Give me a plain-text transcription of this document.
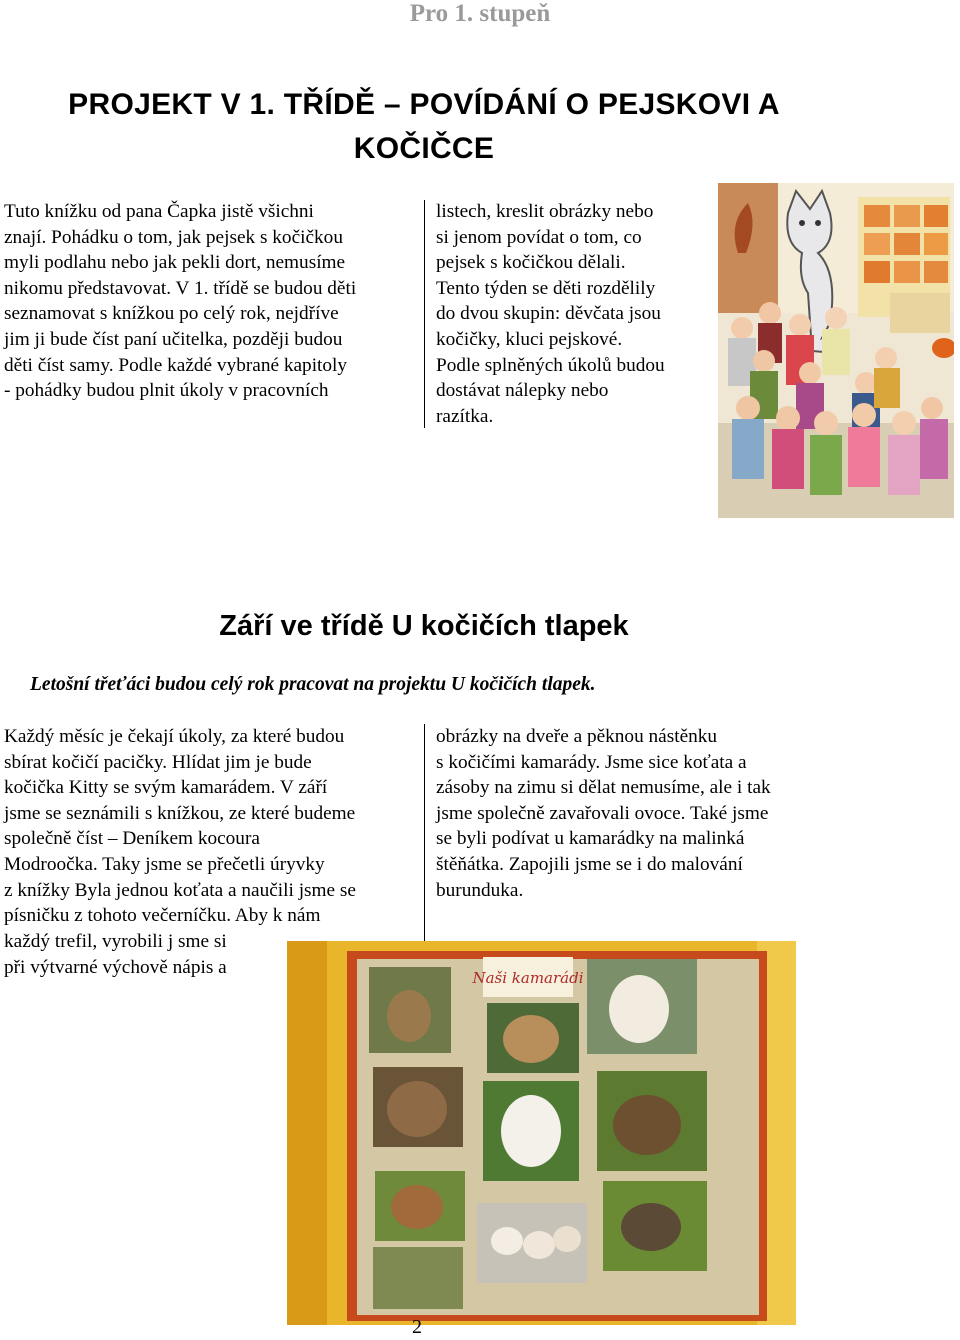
Pro 1. stupeň
PROJEKT V 1. TŘÍDĚ – POVÍDÁNÍ O PEJSKOVI A
KOČIČCE
Tuto knížku od pana Čapka jistě všichni
znají. Pohádku o tom, jak pejsek s kočičkou
myli podlahu nebo jak pekli dort, nemusíme
nikomu představovat. V 1. třídě se budou děti
seznamovat s knížkou po celý rok, nejdříve
jim ji bude číst paní učitelka, později budou
děti číst samy. Podle každé vybrané kapitoly
- pohádky budou plnit úkoly v pracovních
listech, kreslit obrázky nebo
si jenom povídat o tom, co
pejsek s kočičkou dělali.
Tento týden se děti rozdělily
do dvou skupin: děvčata jsou
kočičky, kluci pejskové.
Podle splněných úkolů budou
dostávat nálepky nebo
razítka.
Září ve třídě U kočičích tlapek
Letošní třeťáci budou celý rok pracovat na projektu U kočičích tlapek.
Každý měsíc je čekají úkoly, za které budou
sbírat kočičí pacičky. Hlídat jim je bude
kočička Kitty se svým kamarádem. V září
jsme se seznámili s knížkou, ze které budeme
společně číst – Deníkem kocoura
Modroočka. Taky jsme se přečetli úryvky
z knížky Byla jednou koťata a naučili jsme se
písničku z tohoto večerníčku. Aby k nám
každý trefil, vyrobili j sme si
při výtvarné výchově nápis a
obrázky na dveře a pěknou nástěnku
s kočičími kamarády. Jsme sice koťata a
zásoby na zimu si dělat nemusíme, ale i tak
jsme společně zavařovali ovoce. Také jsme
se byli podívat u kamarádky na malinká
štěňátka. Zapojili jsme se i do malování
burunduka.
Naši kamarádi
2
